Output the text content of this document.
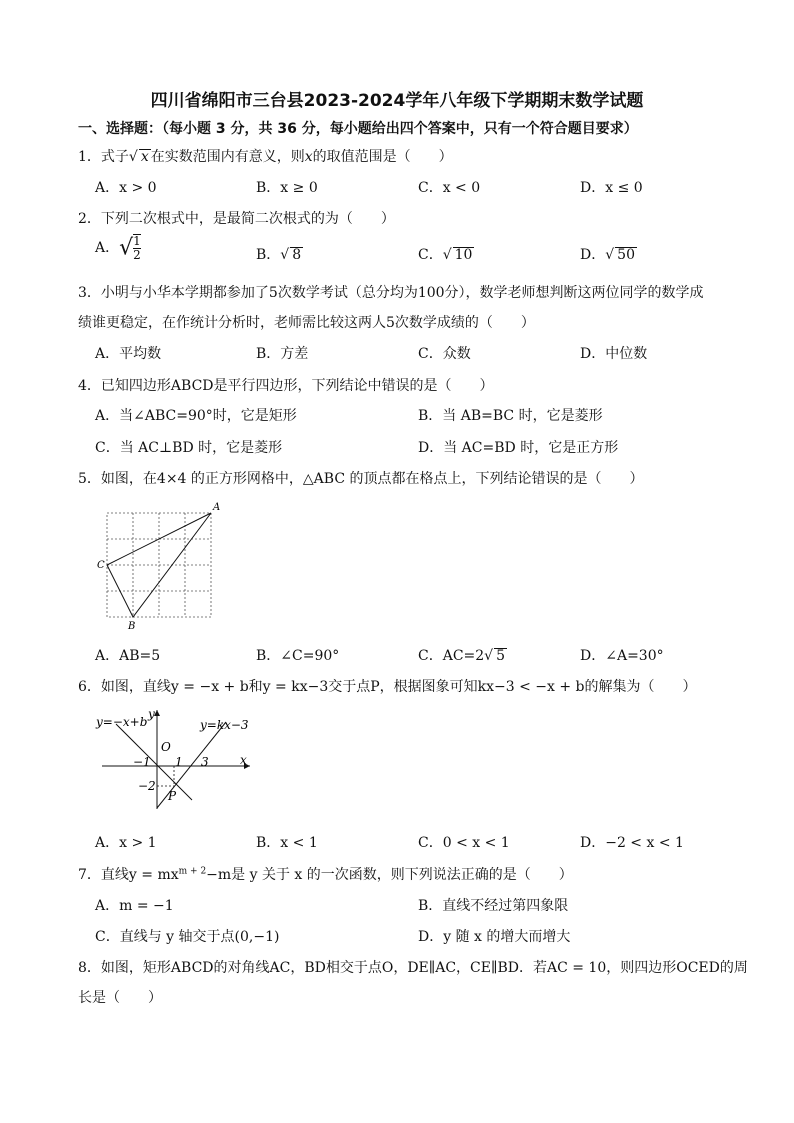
四川省绵阳市三台县2023-2024学年八年级下学期期末数学试题
一、选择题：（每小题 3 分，共 36 分，每小题给出四个答案中，只有一个符合题目要求）
1．式子√ x 在实数范围内有意义，则x的取值范围是（　　）
A．x > 0	B．x ≥ 0	C．x < 0	D．x ≤ 0
2．下列二次根式中，是最简二次根式的为（　　）
A．√ $\frac{1}{2}$	B．√ 8	C．√ 10	D．√ 50
3．小明与小华本学期都参加了5次数学考试（总分均为100分），数学老师想判断这两位同学的数学成
绩谁更稳定，在作统计分析时，老师需比较这两人5次数学成绩的（　　）
A．平均数	B．方差	C．众数	D．中位数
4．已知四边形ABCD是平行四边形，下列结论中错误的是（　　）
A．当∠ABC=90°时，它是矩形	B．当 AB=BC 时，它是菱形
C．当 AC⊥BD 时，它是菱形	D．当 AC=BD 时，它是正方形
5．如图，在4×4 的正方形网格中，△ABC 的顶点都在格点上，下列结论错误的是（　　）
A
B
C
A．AB=5	B．∠C=90°	C．AC=2√ 5	D．∠A=30°
6．如图，直线y = −x + b和y = kx−3交于点P，根据图象可知kx−3 < −x + b的解集为（　　）
y=−x+b
y
y=kx−3
O
−1 1 3	x
−2
P
A．x > 1	B．x < 1	C．0 < x < 1	D．−2 < x < 1
7．直线$y = mx^{m + 2}-m$是 y 关于 x 的一次函数，则下列说法正确的是（　　）
A．m = −1	B．直线不经过第四象限
C．直线与 y 轴交于点(0,−1)	D．y 随 x 的增大而增大
8．如图，矩形ABCD的对角线AC，BD相交于点O，DE∥AC，CE∥BD．若AC = 10，则四边形OCED的周
长是（　　）
